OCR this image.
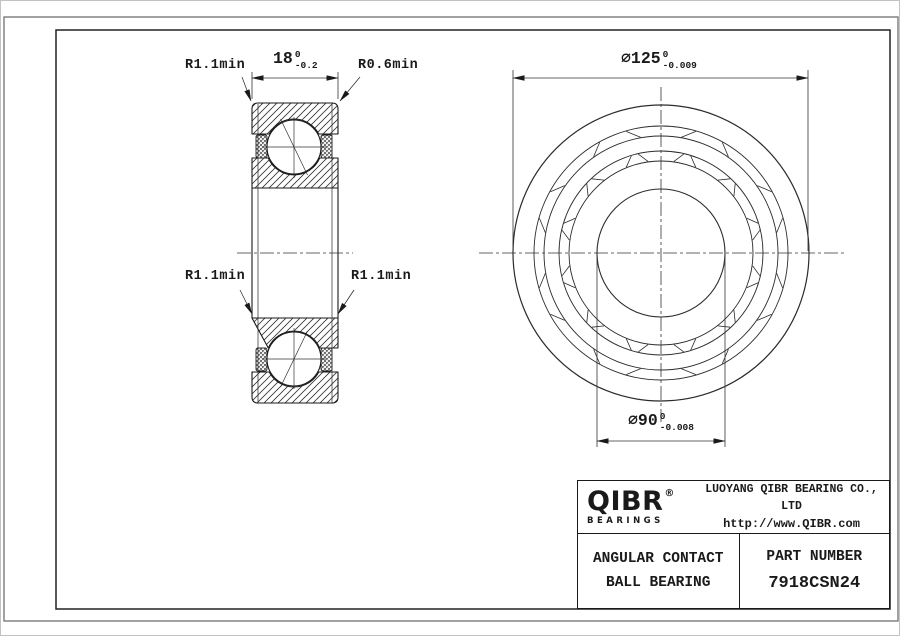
R1.1min 18 0
-0.2	R0.6min	⌀125 0
-0.009
R1.1min	R1.1min
⌀90 0
-0.008
QIBR®
BEARINGS
LUOYANG QIBR BEARING CO., LTD
http://www.QIBR.com
ANGULAR CONTACT
BALL BEARING
PART NUMBER
7918CSN24
